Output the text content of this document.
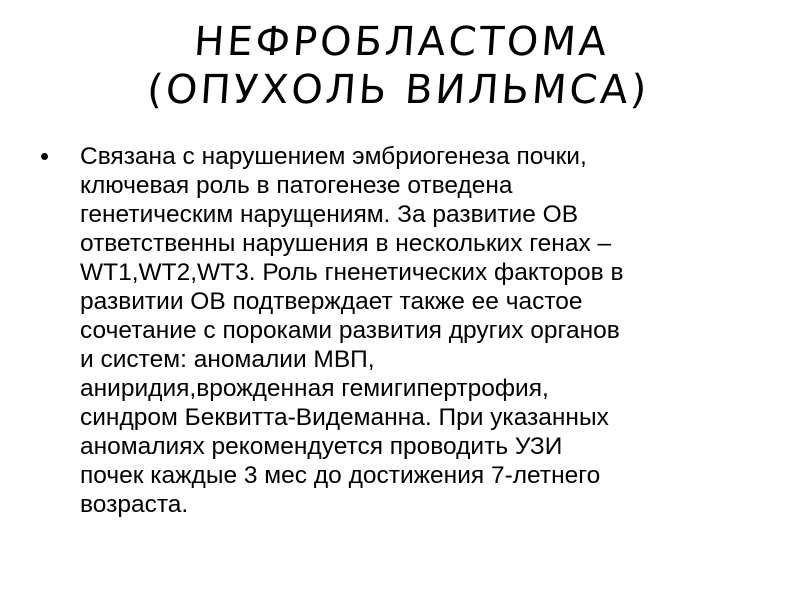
НЕФРОБЛАСТОМА
(ОПУХОЛЬ ВИЛЬМСА)
• Связана с нарушением эмбриогенеза почки,
ключевая роль в патогенезе отведена
генетическим нарущениям. За развитие ОВ
ответственны нарушения в нескольких генах –
WT1,WT2,WT3. Роль гненетических факторов в
развитии ОВ подтверждает также ее частое
сочетание с пороками развития других органов
и систем: аномалии МВП,
аниридия,врожденная гемигипертрофия,
синдром Беквитта-Видеманна. При указанных
аномалиях рекомендуется проводить УЗИ
почек каждые 3 мес до достижения 7-летнего
возраста.
